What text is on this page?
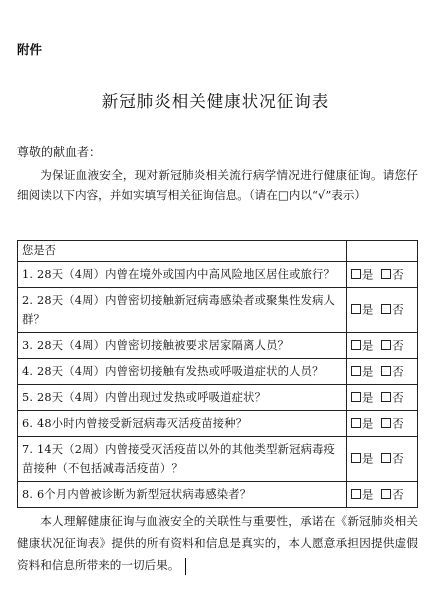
附件
新冠肺炎相关健康状况征询表
尊敬的献血者：
为保证血液安全，现对新冠肺炎相关流行病学情况进行健康征询。请您仔细阅读以下内容，并如实填写相关征询信息。（请在□内以“√”表示）
您是否	
1. 28天（4周）内曾在境外或国内中高风险地区居住或旅行？	是 否
2. 28天（4周）内曾密切接触新冠病毒感染者或聚集性发病人群？	是 否
3. 28天（4周）内曾密切接触被要求居家隔离人员？	是 否
4. 28天（4周）内曾密切接触有发热或呼吸道症状的人员？	是 否
5. 28天（4周）内曾出现过发热或呼吸道症状？	是 否
6. 48小时内曾接受新冠病毒灭活疫苗接种？	是 否
7. 14天（2周）内曾接受灭活疫苗以外的其他类型新冠病毒疫苗接种（不包括减毒活疫苗）？	是 否
8. 6个月内曾被诊断为新型冠状病毒感染者？	是 否
本人理解健康征询与血液安全的关联性与重要性，承诺在《新冠肺炎相关健康状况征询表》提供的所有资料和信息是真实的，本人愿意承担因提供虚假资料和信息所带来的一切后果。
